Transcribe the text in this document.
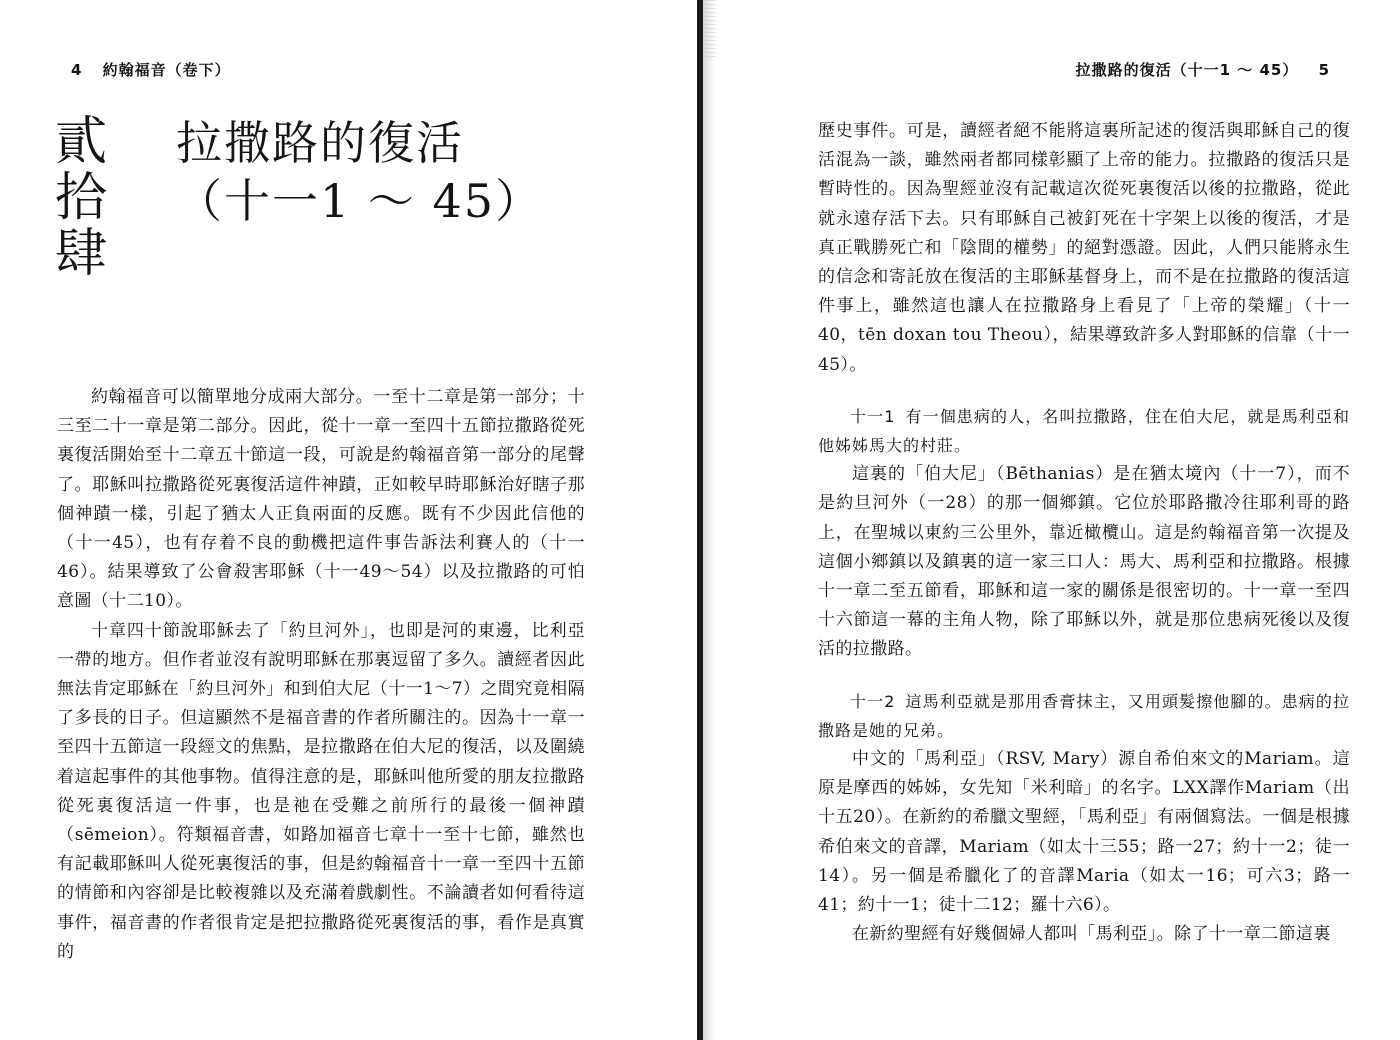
4 約翰福音（卷下）
貳
拾
肆
拉撒路的復活
（十一1 ～ 45）

約翰福音可以簡單地分成兩大部分。一至十二章是第一部分；十三至二十一章是第二部分。因此，從十一章一至四十五節拉撒路從死裏復活開始至十二章五十節這一段，可說是約翰福音第一部分的尾聲了。耶穌叫拉撒路從死裏復活這件神蹟，正如較早時耶穌治好瞎子那個神蹟一樣，引起了猶太人正負兩面的反應。既有不少因此信他的（十一45），也有存着不良的動機把這件事告訴法利賽人的（十一46）。結果導致了公會殺害耶穌（十一49～54）以及拉撒路的可怕意圖（十二10）。

十章四十節說耶穌去了「約旦河外」，也即是河的東邊，比利亞一帶的地方。但作者並沒有說明耶穌在那裏逗留了多久。讀經者因此無法肯定耶穌在「約旦河外」和到伯大尼（十一1～7）之間究竟相隔了多長的日子。但這顯然不是福音書的作者所關注的。因為十一章一至四十五節這一段經文的焦點，是拉撒路在伯大尼的復活，以及圍繞着這起事件的其他事物。值得注意的是，耶穌叫他所愛的朋友拉撒路從死裏復活這一件事，也是祂在受難之前所行的最後一個神蹟（sēmeion）。符類福音書，如路加福音七章十一至十七節，雖然也有記載耶穌叫人從死裏復活的事，但是約翰福音十一章一至四十五節的情節和內容卻是比較複雜以及充滿着戲劇性。不論讀者如何看待這事件，福音書的作者很肯定是把拉撒路從死裏復活的事，看作是真實的

拉撒路的復活（十一1 ～ 45） 5

歷史事件。可是，讀經者絕不能將這裏所記述的復活與耶穌自己的復活混為一談，雖然兩者都同樣彰顯了上帝的能力。拉撒路的復活只是暫時性的。因為聖經並沒有記載這次從死裏復活以後的拉撒路，從此就永遠存活下去。只有耶穌自己被釘死在十字架上以後的復活，才是真正戰勝死亡和「陰間的權勢」的絕對憑證。因此，人們只能將永生的信念和寄託放在復活的主耶穌基督身上，而不是在拉撒路的復活這件事上，雖然這也讓人在拉撒路身上看見了「上帝的榮耀」（十一40，tēn doxan tou Theou），結果導致許多人對耶穌的信靠（十一45）。

十一1 有一個患病的人，名叫拉撒路，住在伯大尼，就是馬利亞和他姊姊馬大的村莊。

這裏的「伯大尼」（Bēthanias）是在猶太境內（十一7），而不是約旦河外（一28）的那一個鄉鎮。它位於耶路撒冷往耶利哥的路上，在聖城以東約三公里外，靠近橄欖山。這是約翰福音第一次提及這個小鄉鎮以及鎮裏的這一家三口人：馬大、馬利亞和拉撒路。根據十一章二至五節看，耶穌和這一家的關係是很密切的。十一章一至四十六節這一幕的主角人物，除了耶穌以外，就是那位患病死後以及復活的拉撒路。

十一2 這馬利亞就是那用香膏抹主，又用頭髮擦他腳的。患病的拉撒路是她的兄弟。

中文的「馬利亞」（RSV, Mary）源自希伯來文的Mariam。這原是摩西的姊姊，女先知「米利暗」的名字。LXX譯作Mariam（出十五20）。在新約的希臘文聖經，「馬利亞」有兩個寫法。一個是根據希伯來文的音譯，Mariam（如太十三55；路一27；約十一2；徒一14）。另一個是希臘化了的音譯Maria（如太一16；可六3；路一41；約十一1；徒十二12；羅十六6）。

在新約聖經有好幾個婦人都叫「馬利亞」。除了十一章二節這裏
